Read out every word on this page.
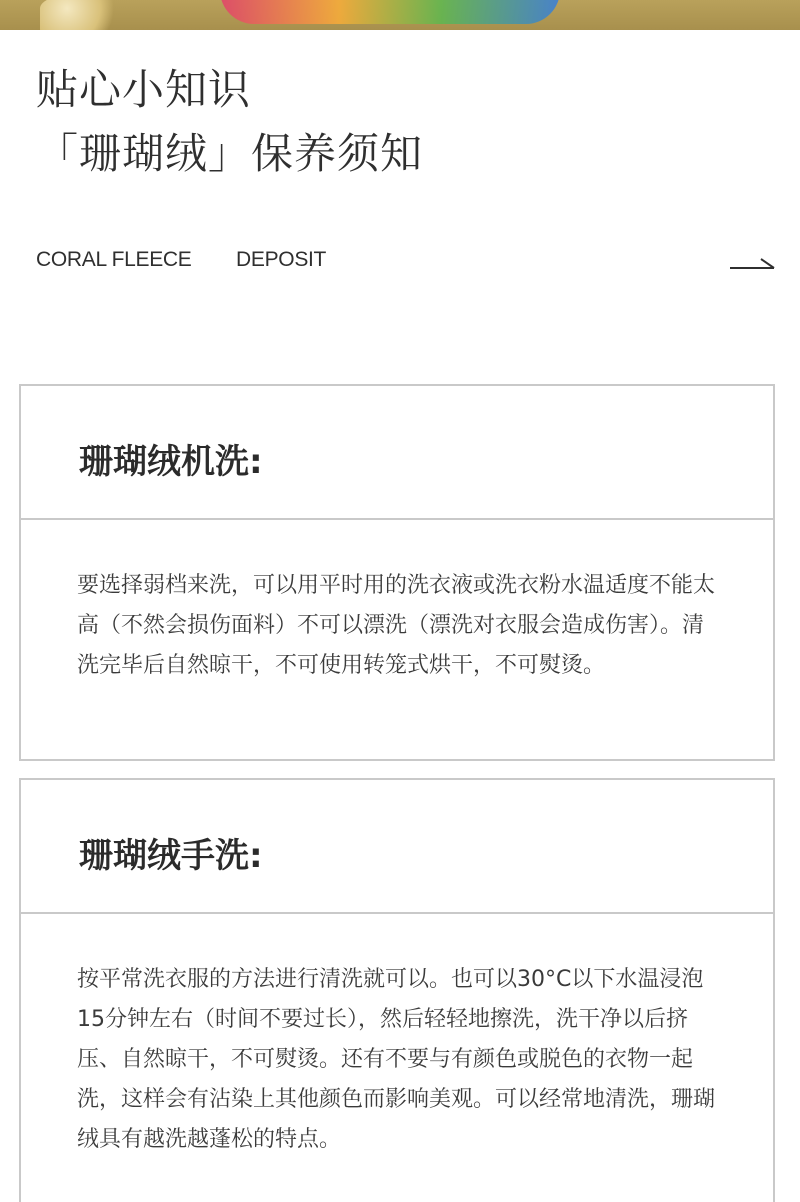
贴心小知识
「珊瑚绒」保养须知
CORAL FLEECE DEPOSIT
珊瑚绒机洗:
要选择弱档来洗，可以用平时用的洗衣液或洗衣粉水温适度不能太高（不然会损伤面料）不可以漂洗（漂洗对衣服会造成伤害）。清洗完毕后自然晾干，不可使用转笼式烘干，不可熨烫。
珊瑚绒手洗:
按平常洗衣服的方法进行清洗就可以。也可以30°C以下水温浸泡15分钟左右（时间不要过长），然后轻轻地擦洗，洗干净以后挤压、自然晾干，不可熨烫。还有不要与有颜色或脱色的衣物一起洗，这样会有沾染上其他颜色而影响美观。可以经常地清洗，珊瑚绒具有越洗越蓬松的特点。
